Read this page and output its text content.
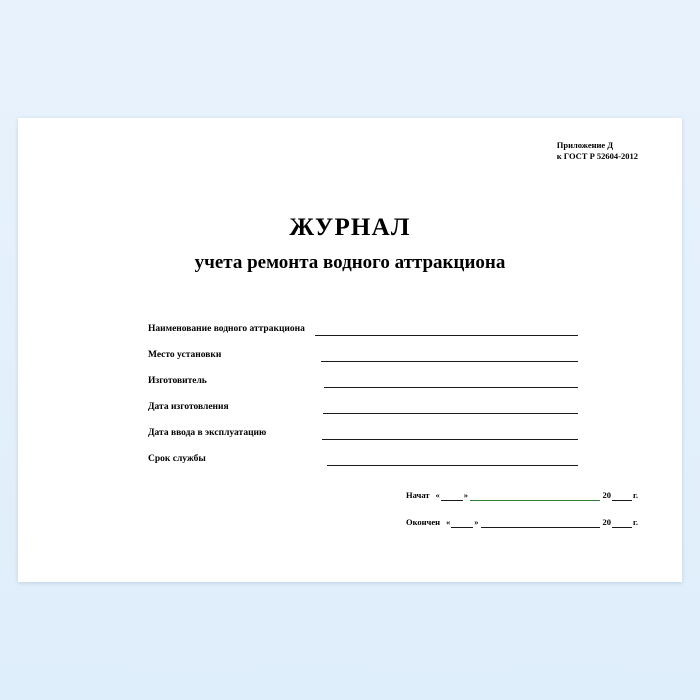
Приложение Д
к ГОСТ Р 52604-2012
ЖУРНАЛ
учета ремонта водного аттракциона
Наименование водного аттракциона
Место установки
Изготовитель
Дата изготовления
Дата ввода в эксплуатацию
Срок службы
Начат «	»	20	г.
Окончен «	»	20	г.
